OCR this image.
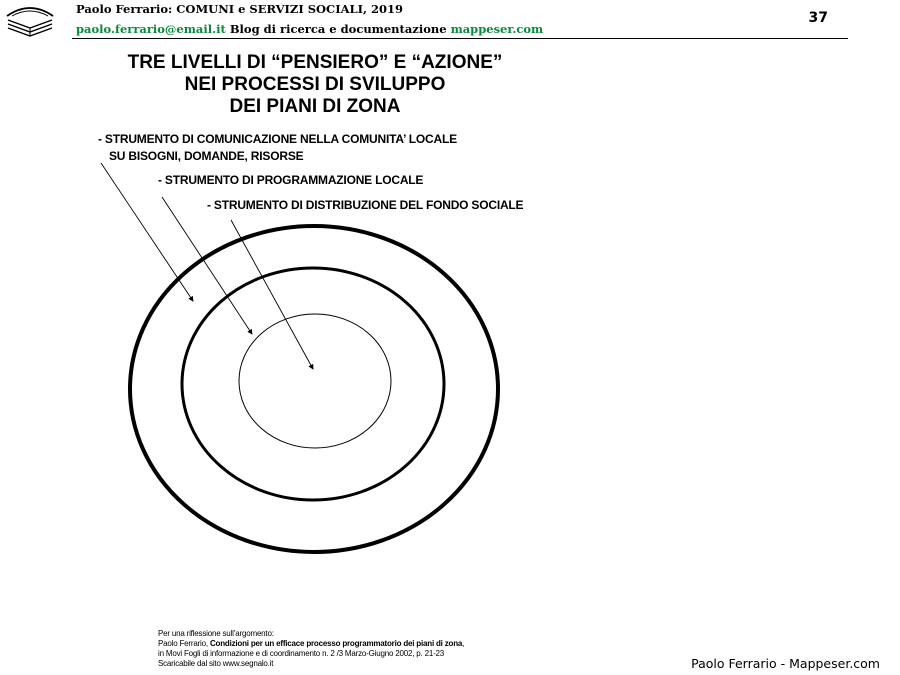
Paolo Ferrario: COMUNI e SERVIZI SOCIALI, 2019
paolo.ferrario@email.it Blog di ricerca e documentazione mappeser.com
37
TRE LIVELLI DI “PENSIERO” E “AZIONE”
NEI PROCESSI DI SVILUPPO
DEI PIANI DI ZONA
- STRUMENTO DI COMUNICAZIONE NELLA COMUNITA’ LOCALE
SU BISOGNI, DOMANDE, RISORSE
- STRUMENTO DI PROGRAMMAZIONE LOCALE
- STRUMENTO DI DISTRIBUZIONE DEL FONDO SOCIALE
Per una riflessione sull’argomento:
Paolo Ferrario, Condizioni per un efficace processo programmatorio dei piani di zona,
in Movi Fogli di informazione e di coordinamento n. 2 /3 Marzo-Giugno 2002, p. 21-23
Scaricabile dal sito www.segnalo.it	Paolo Ferrario - Mappeser.com
